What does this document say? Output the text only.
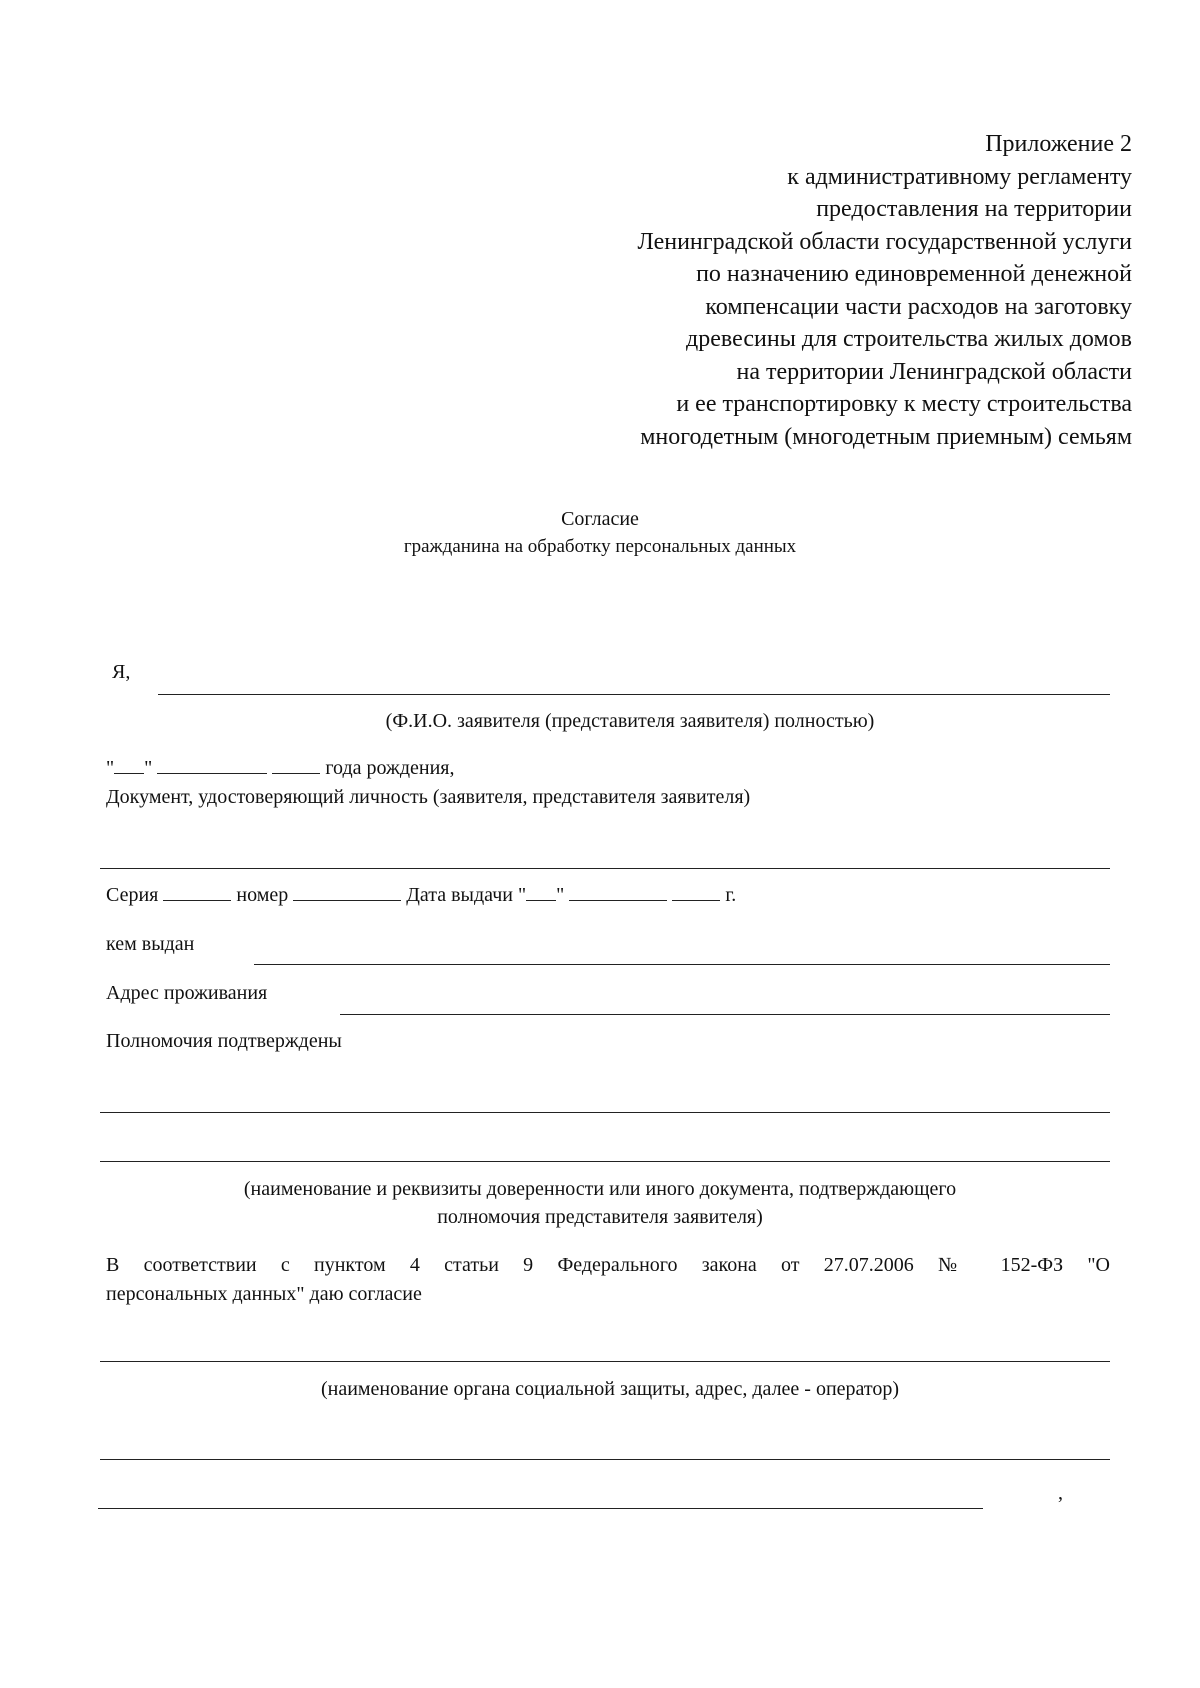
Приложение 2
к административному регламенту
предоставления на территории
Ленинградской области государственной услуги
по назначению единовременной денежной
компенсации части расходов на заготовку
древесины для строительства жилых домов
на территории Ленинградской области
и ее транспортировку к месту строительства
многодетным (многодетным приемным) семьям
Согласие
гражданина на обработку персональных данных
Я,
(Ф.И.О. заявителя (представителя заявителя) полностью)
" "	года рождения,
Документ, удостоверяющий личность (заявителя, представителя заявителя)
Серия	номер	Дата выдачи " "	г.
кем выдан
Адрес проживания
Полномочия подтверждены
(наименование и реквизиты доверенности или иного документа, подтверждающего
полномочия представителя заявителя)
В соответствии с пунктом 4 статьи 9 Федерального закона от 27.07.2006 № 152-ФЗ "О
персональных данных" даю согласие
(наименование органа социальной защиты, адрес, далее - оператор)
,
